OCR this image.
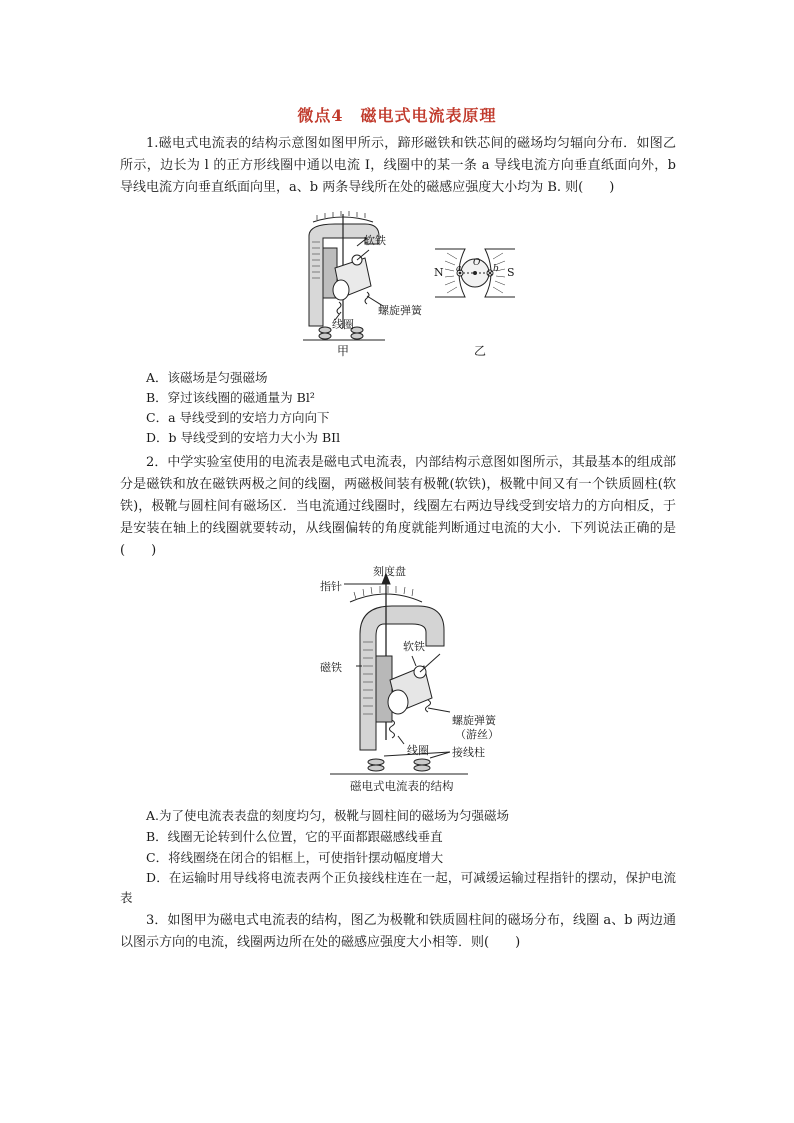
微点4　磁电式电流表原理
1.磁电式电流表的结构示意图如图甲所示，蹄形磁铁和铁芯间的磁场均匀辐向分布．如图乙所示，边长为 l 的正方形线圈中通以电流 I，线圈中的某一条 a 导线电流方向垂直纸面向外，b 导线电流方向垂直纸面向里，a、b 两条导线所在处的磁感应强度大小均为 B. 则(　　)
软铁
螺旋弹簧
线圈
甲
N	S
O
a	b
乙
A．该磁场是匀强磁场
B．穿过该线圈的磁通量为 Bl²
C．a 导线受到的安培力方向向下
D．b 导线受到的安培力大小为 BIl
2．中学实验室使用的电流表是磁电式电流表，内部结构示意图如图所示，其最基本的组成部分是磁铁和放在磁铁两极之间的线圈，两磁极间装有极靴(软铁)，极靴中间又有一个铁质圆柱(软铁)，极靴与圆柱间有磁场区．当电流通过线圈时，线圈左右两边导线受到安培力的方向相反，于是安装在轴上的线圈就要转动，从线圈偏转的角度就能判断通过电流的大小．下列说法正确的是(　　)
刻度盘
指针
磁铁
软铁
螺旋弹簧
（游丝）
线圈 接线柱
磁电式电流表的结构
A.为了使电流表表盘的刻度均匀，极靴与圆柱间的磁场为匀强磁场
B．线圈无论转到什么位置，它的平面都跟磁感线垂直
C．将线圈绕在闭合的铝框上，可使指针摆动幅度增大
D．在运输时用导线将电流表两个正负接线柱连在一起，可减缓运输过程指针的摆动，保护电流表
3．如图甲为磁电式电流表的结构，图乙为极靴和铁质圆柱间的磁场分布，线圈 a、b 两边通以图示方向的电流，线圈两边所在处的磁感应强度大小相等．则(　　)
